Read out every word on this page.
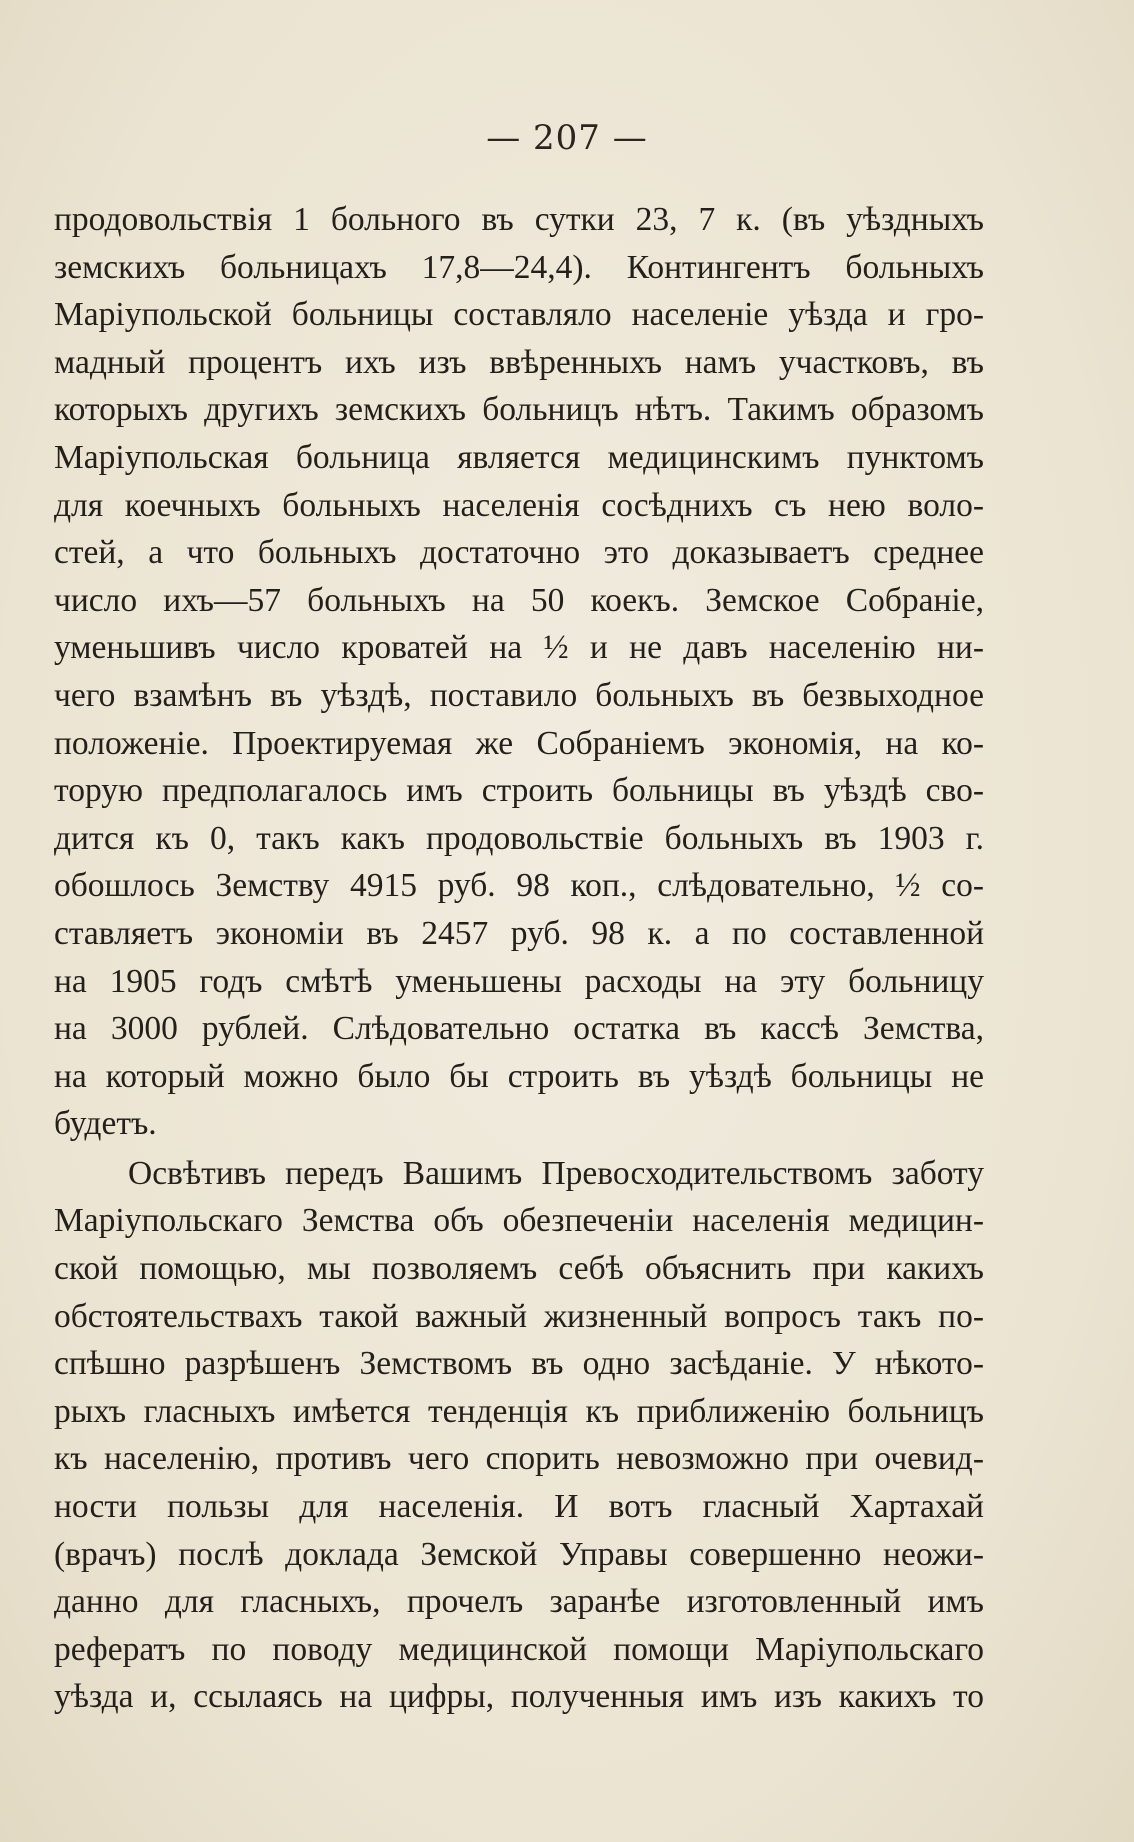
— 207 —
продовольствія 1 больного въ сутки 23, 7 к. (въ уѣздныхъ
земскихъ больницахъ 17,8—24,4). Контингентъ больныхъ
Маріупольской больницы составляло населеніе уѣзда и гро-
мадный процентъ ихъ изъ ввѣренныхъ намъ участковъ, въ
которыхъ другихъ земскихъ больницъ нѣтъ. Такимъ образомъ
Маріупольская больница является медицинскимъ пунктомъ
для коечныхъ больныхъ населенія сосѣднихъ съ нею воло-
стей, а что больныхъ достаточно это доказываетъ среднее
число ихъ—57 больныхъ на 50 коекъ. Земское Собраніе,
уменьшивъ число кроватей на ½ и не давъ населенію ни-
чего взамѣнъ въ уѣздѣ, поставило больныхъ въ безвыходное
положеніе. Проектируемая же Собраніемъ экономія, на ко-
торую предполагалось имъ строить больницы въ уѣздѣ сво-
дится къ 0, такъ какъ продовольствіе больныхъ въ 1903 г.
обошлось Земству 4915 руб. 98 коп., слѣдовательно, ½ со-
ставляетъ экономіи въ 2457 руб. 98 к. а по составленной
на 1905 годъ смѣтѣ уменьшены расходы на эту больницу
на 3000 рублей. Слѣдовательно остатка въ кассѣ Земства,
на который можно было бы строить въ уѣздѣ больницы не
будетъ.
Освѣтивъ передъ Вашимъ Превосходительствомъ заботу
Маріупольскаго Земства объ обезпеченіи населенія медицин-
ской помощью, мы позволяемъ себѣ объяснить при какихъ
обстоятельствахъ такой важный жизненный вопросъ такъ по-
спѣшно разрѣшенъ Земствомъ въ одно засѣданіе. У нѣкото-
рыхъ гласныхъ имѣется тенденція къ приближенію больницъ
къ населенію, противъ чего спорить невозможно при очевид-
ности пользы для населенія. И вотъ гласный Хартахай
(врачъ) послѣ доклада Земской Управы совершенно неожи-
данно для гласныхъ, прочелъ заранѣе изготовленный имъ
рефератъ по поводу медицинской помощи Маріупольскаго
уѣзда и, ссылаясь на цифры, полученныя имъ изъ какихъ то
